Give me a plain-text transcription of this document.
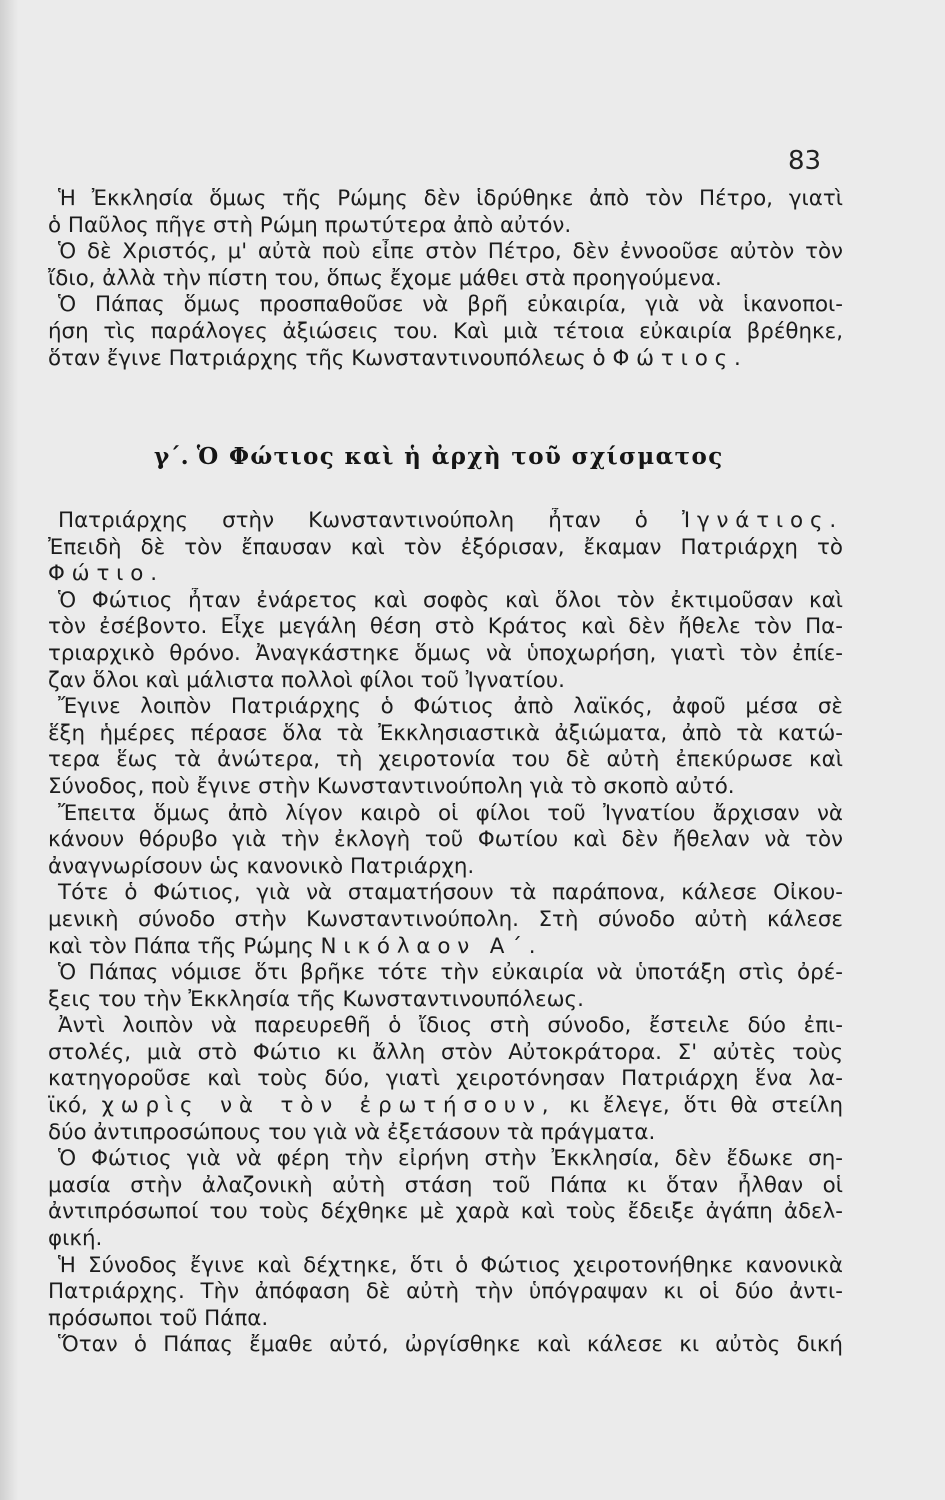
83
Ἡ Ἐκκλησία ὅμως τῆς Ρώμης δὲν ἱδρύθηκε ἀπὸ τὸν Πέτρο, γιατὶ
ὁ Παῦλος πῆγε στὴ Ρώμη πρωτύτερα ἀπὸ αὐτόν.
Ὁ δὲ Χριστός, μ' αὐτὰ ποὺ εἶπε στὸν Πέτρο, δὲν ἐννοοῦσε αὐτὸν τὸν
ἴδιο, ἀλλὰ τὴν πίστη του, ὅπως ἔχομε μάθει στὰ προηγούμενα.
Ὁ Πάπας ὅμως προσπαθοῦσε νὰ βρῆ εὐκαιρία, γιὰ νὰ ἱκανοποι-
ήση τὶς παράλογες ἀξιώσεις του. Καὶ μιὰ τέτοια εὐκαιρία βρέθηκε,
ὅταν ἔγινε Πατριάρχης τῆς Κωνσταντινουπόλεως ὁ Φώτιος.
γ΄. Ὁ Φώτιος καὶ ἡ ἀρχὴ τοῦ σχίσματος
Πατριάρχης στὴν Κωνσταντινούπολη ἦταν ὁ Ἰγνάτιος.
Ἐπειδὴ δὲ τὸν ἔπαυσαν καὶ τὸν ἐξόρισαν, ἔκαμαν Πατριάρχη τὸ
Φώτιο.
Ὁ Φώτιος ἦταν ἐνάρετος καὶ σοφὸς καὶ ὅλοι τὸν ἐκτιμοῦσαν καὶ
τὸν ἐσέβοντο. Εἶχε μεγάλη θέση στὸ Κράτος καὶ δὲν ἤθελε τὸν Πα-
τριαρχικὸ θρόνο. Ἀναγκάστηκε ὅμως νὰ ὑποχωρήση, γιατὶ τὸν ἐπίε-
ζαν ὅλοι καὶ μάλιστα πολλοὶ φίλοι τοῦ Ἰγνατίου.
Ἔγινε λοιπὸν Πατριάρχης ὁ Φώτιος ἀπὸ λαϊκός, ἀφοῦ μέσα σὲ
ἕξη ἡμέρες πέρασε ὅλα τὰ Ἐκκλησιαστικὰ ἀξιώματα, ἀπὸ τὰ κατώ-
τερα ἕως τὰ ἀνώτερα, τὴ χειροτονία του δὲ αὐτὴ ἐπεκύρωσε καὶ
Σύνοδος, ποὺ ἔγινε στὴν Κωνσταντινούπολη γιὰ τὸ σκοπὸ αὐτό.
Ἔπειτα ὅμως ἀπὸ λίγον καιρὸ οἱ φίλοι τοῦ Ἰγνατίου ἄρχισαν νὰ
κάνουν θόρυβο γιὰ τὴν ἐκλογὴ τοῦ Φωτίου καὶ δὲν ἤθελαν νὰ τὸν
ἀναγνωρίσουν ὡς κανονικὸ Πατριάρχη.
Τότε ὁ Φώτιος, γιὰ νὰ σταματήσουν τὰ παράπονα, κάλεσε Οἰκου-
μενικὴ σύνοδο στὴν Κωνσταντινούπολη. Στὴ σύνοδο αὐτὴ κάλεσε
καὶ τὸν Πάπα τῆς Ρώμης Νικόλαον Α΄.
Ὁ Πάπας νόμισε ὅτι βρῆκε τότε τὴν εὐκαιρία νὰ ὑποτάξη στὶς ὀρέ-
ξεις του τὴν Ἐκκλησία τῆς Κωνσταντινουπόλεως.
Ἀντὶ λοιπὸν νὰ παρευρεθῆ ὁ ἴδιος στὴ σύνοδο, ἔστειλε δύο ἐπι-
στολές, μιὰ στὸ Φώτιο κι ἄλλη στὸν Αὐτοκράτορα. Σ' αὐτὲς τοὺς
κατηγοροῦσε καὶ τοὺς δύο, γιατὶ χειροτόνησαν Πατριάρχη ἕνα λα-
ϊκό, χωρὶς νὰ τὸν ἐρωτήσουν, κι ἔλεγε, ὅτι θὰ στείλη
δύο ἀντιπροσώπους του γιὰ νὰ ἐξετάσουν τὰ πράγματα.
Ὁ Φώτιος γιὰ νὰ φέρη τὴν εἰρήνη στὴν Ἐκκλησία, δὲν ἔδωκε ση-
μασία στὴν ἀλαζονικὴ αὐτὴ στάση τοῦ Πάπα κι ὅταν ἦλθαν οἱ
ἀντιπρόσωποί του τοὺς δέχθηκε μὲ χαρὰ καὶ τοὺς ἔδειξε ἀγάπη ἀδελ-
φική.
Ἡ Σύνοδος ἔγινε καὶ δέχτηκε, ὅτι ὁ Φώτιος χειροτονήθηκε κανονικὰ
Πατριάρχης. Τὴν ἀπόφαση δὲ αὐτὴ τὴν ὑπόγραψαν κι οἱ δύο ἀντι-
πρόσωποι τοῦ Πάπα.
Ὅταν ὁ Πάπας ἔμαθε αὐτό, ὠργίσθηκε καὶ κάλεσε κι αὐτὸς δική
